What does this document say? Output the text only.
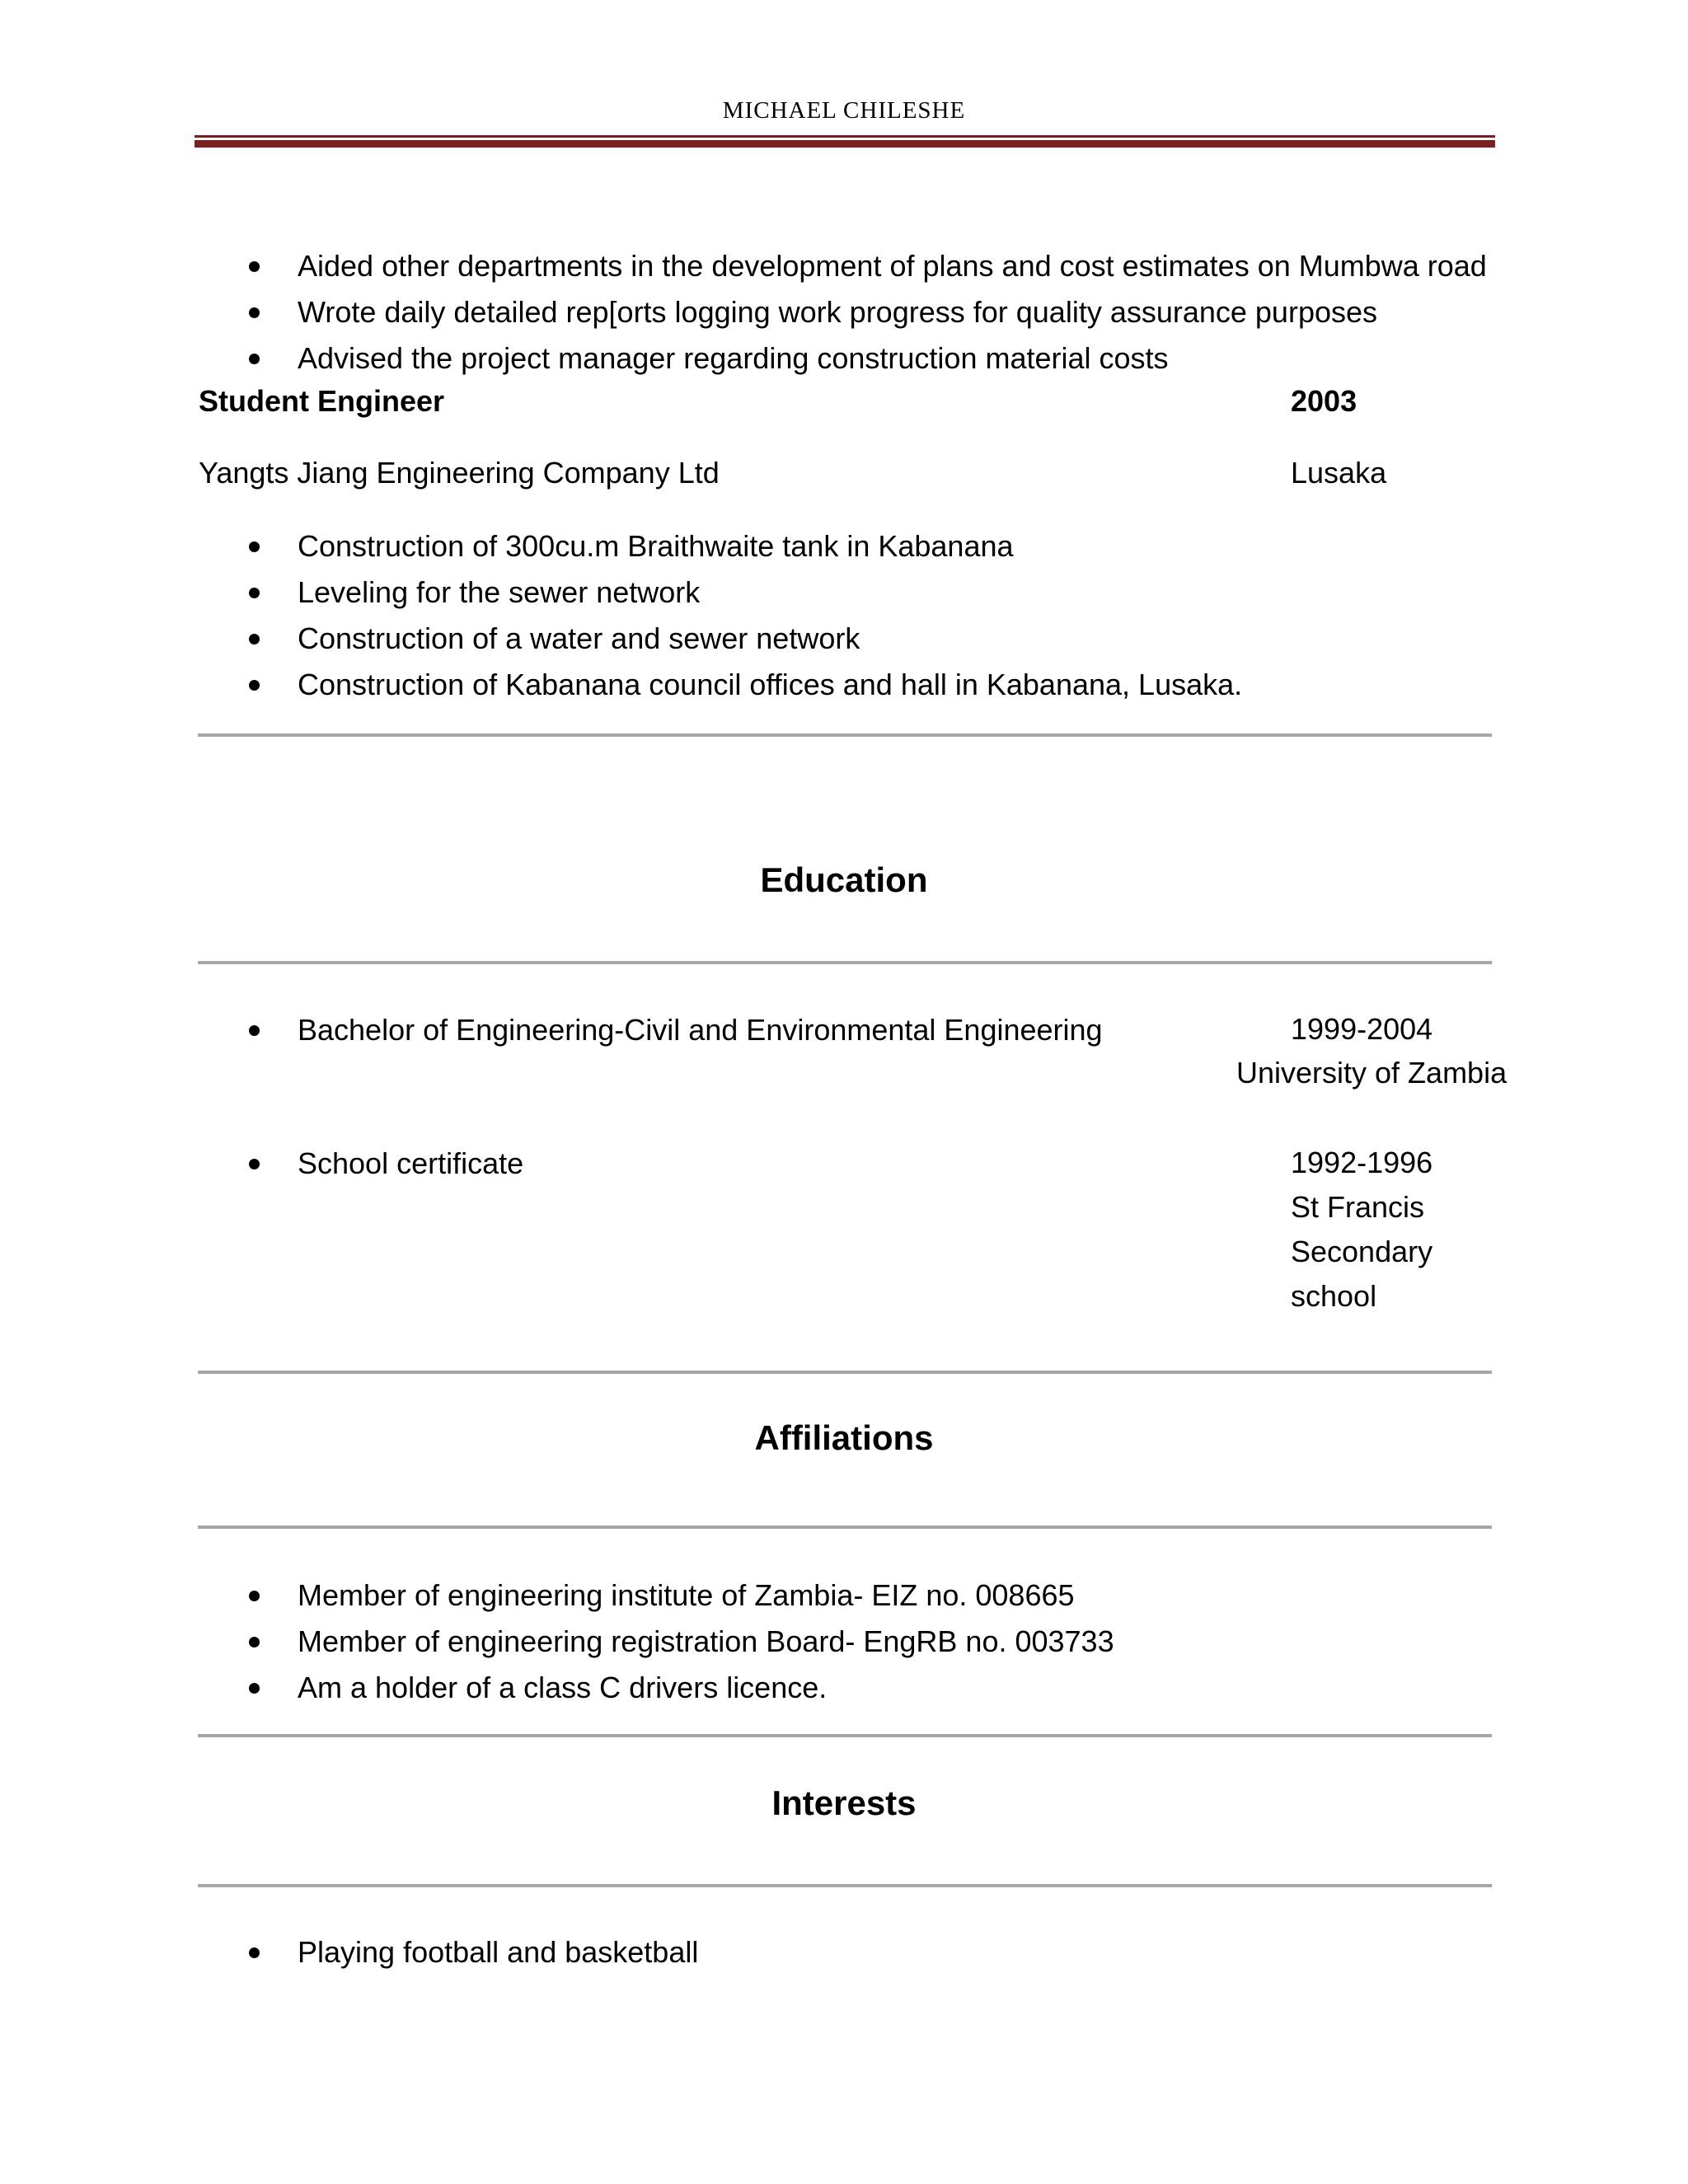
MICHAEL CHILESHE
Aided other departments in the development of plans and cost estimates on Mumbwa road
Wrote daily detailed rep[orts logging work progress for quality assurance purposes
Advised the project manager regarding construction material costs
Student Engineer	2003
Yangts Jiang Engineering Company Ltd	Lusaka
Construction of 300cu.m Braithwaite tank in Kabanana
Leveling for the sewer network
Construction of a water and sewer network
Construction of Kabanana council offices and hall in Kabanana, Lusaka.
Education
Bachelor of Engineering-Civil and Environmental Engineering	1999-2004
University of Zambia
School certificate	1992-1996
St Francis
Secondary
school
Affiliations
Member of engineering institute of Zambia- EIZ no. 008665
Member of engineering registration Board- EngRB no. 003733
Am a holder of a class C drivers licence.
Interests
Playing football and basketball
